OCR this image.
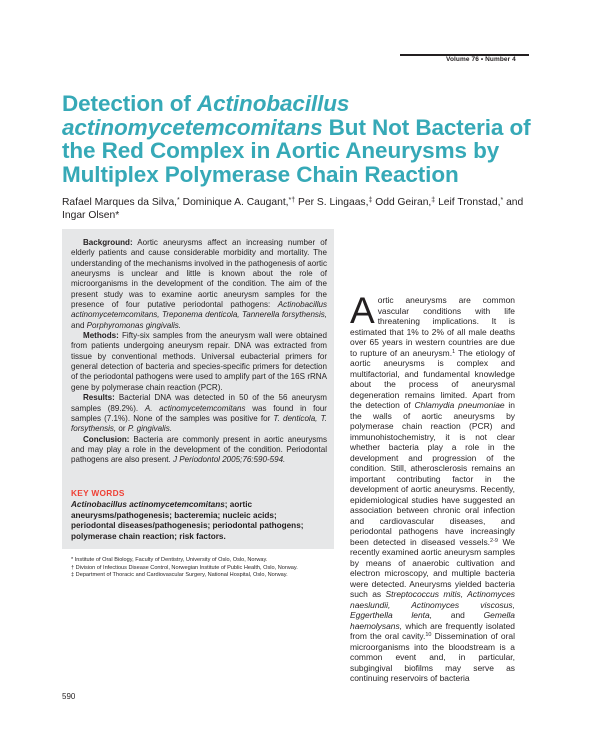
Volume 76 • Number 4
Detection of Actinobacillus
actinomycetemcomitans But Not Bacteria of the Red Complex in Aortic Aneurysms by Multiplex Polymerase Chain Reaction
Rafael Marques da Silva,* Dominique A. Caugant,*† Per S. Lingaas,‡ Odd Geiran,‡ Leif Tronstad,* and Ingar Olsen*

Background: Aortic aneurysms affect an increasing number of elderly patients and cause considerable morbidity and mortality. The understanding of the mechanisms involved in the pathogenesis of aortic aneurysms is unclear and little is known about the role of microorganisms in the development of the condition. The aim of the present study was to examine aortic aneurysm samples for the presence of four putative periodontal pathogens: Actinobacillus actinomycetemcomitans, Treponema denticola, Tannerella forsythensis, and Porphyromonas gingivalis.

Methods: Fifty-six samples from the aneurysm wall were obtained from patients undergoing aneurysm repair. DNA was extracted from tissue by conventional methods. Universal eubacterial primers for general detection of bacteria and species-specific primers for detection of the periodontal pathogens were used to amplify part of the 16S rRNA gene by polymerase chain reaction (PCR).

Results: Bacterial DNA was detected in 50 of the 56 aneurysm samples (89.2%). A. actinomycetemcomitans was found in four samples (7.1%). None of the samples was positive for T. denticola, T. forsythensis, or P. gingivalis.

Conclusion: Bacteria are commonly present in aortic aneurysms and may play a role in the development of the condition. Periodontal pathogens are also present. J Periodontol 2005;76:590-594.

KEY WORDS
Actinobacillus actinomycetemcomitans; aortic aneurysms/pathogenesis; bacteremia; nucleic acids; periodontal diseases/pathogenesis; periodontal pathogens; polymerase chain reaction; risk factors.
* Institute of Oral Biology, Faculty of Dentistry, University of Oslo, Oslo, Norway.
† Division of Infectious Disease Control, Norwegian Institute of Public Health, Oslo, Norway.
‡ Department of Thoracic and Cardiovascular Surgery, National Hospital, Oslo, Norway.

Aortic aneurysms are common vascular conditions with life threatening implications. It is estimated that 1% to 2% of all male deaths over 65 years in western countries are due to rupture of an aneurysm.$^1$ The etiology of aortic aneurysms is complex and multifactorial, and fundamental knowledge about the process of aneurysmal degeneration remains limited. Apart from the detection of Chlamydia pneumoniae in the walls of aortic aneurysms by polymerase chain reaction (PCR) and immunohistochemistry, it is not clear whether bacteria play a role in the development and progression of the condition. Still, atherosclerosis remains an important contributing factor in the development of aortic aneurysms. Recently, epidemiological studies have suggested an association between chronic oral infection and cardiovascular diseases, and periodontal pathogens have increasingly been detected in diseased vessels.$^{2-9}$ We recently examined aortic aneurysm samples by means of anaerobic cultivation and electron microscopy, and multiple bacteria were detected. Aneurysms yielded bacteria such as Streptococcus mitis, Actinomyces naeslundii, Actinomyces viscosus, Eggerthella lenta, and Gemella haemolysans, which are frequently isolated from the oral cavity.$^{10}$ Dissemination of oral microorganisms into the bloodstream is a common event and, in particular, subgingival biofilms may serve as continuing reservoirs of bacteria

590
